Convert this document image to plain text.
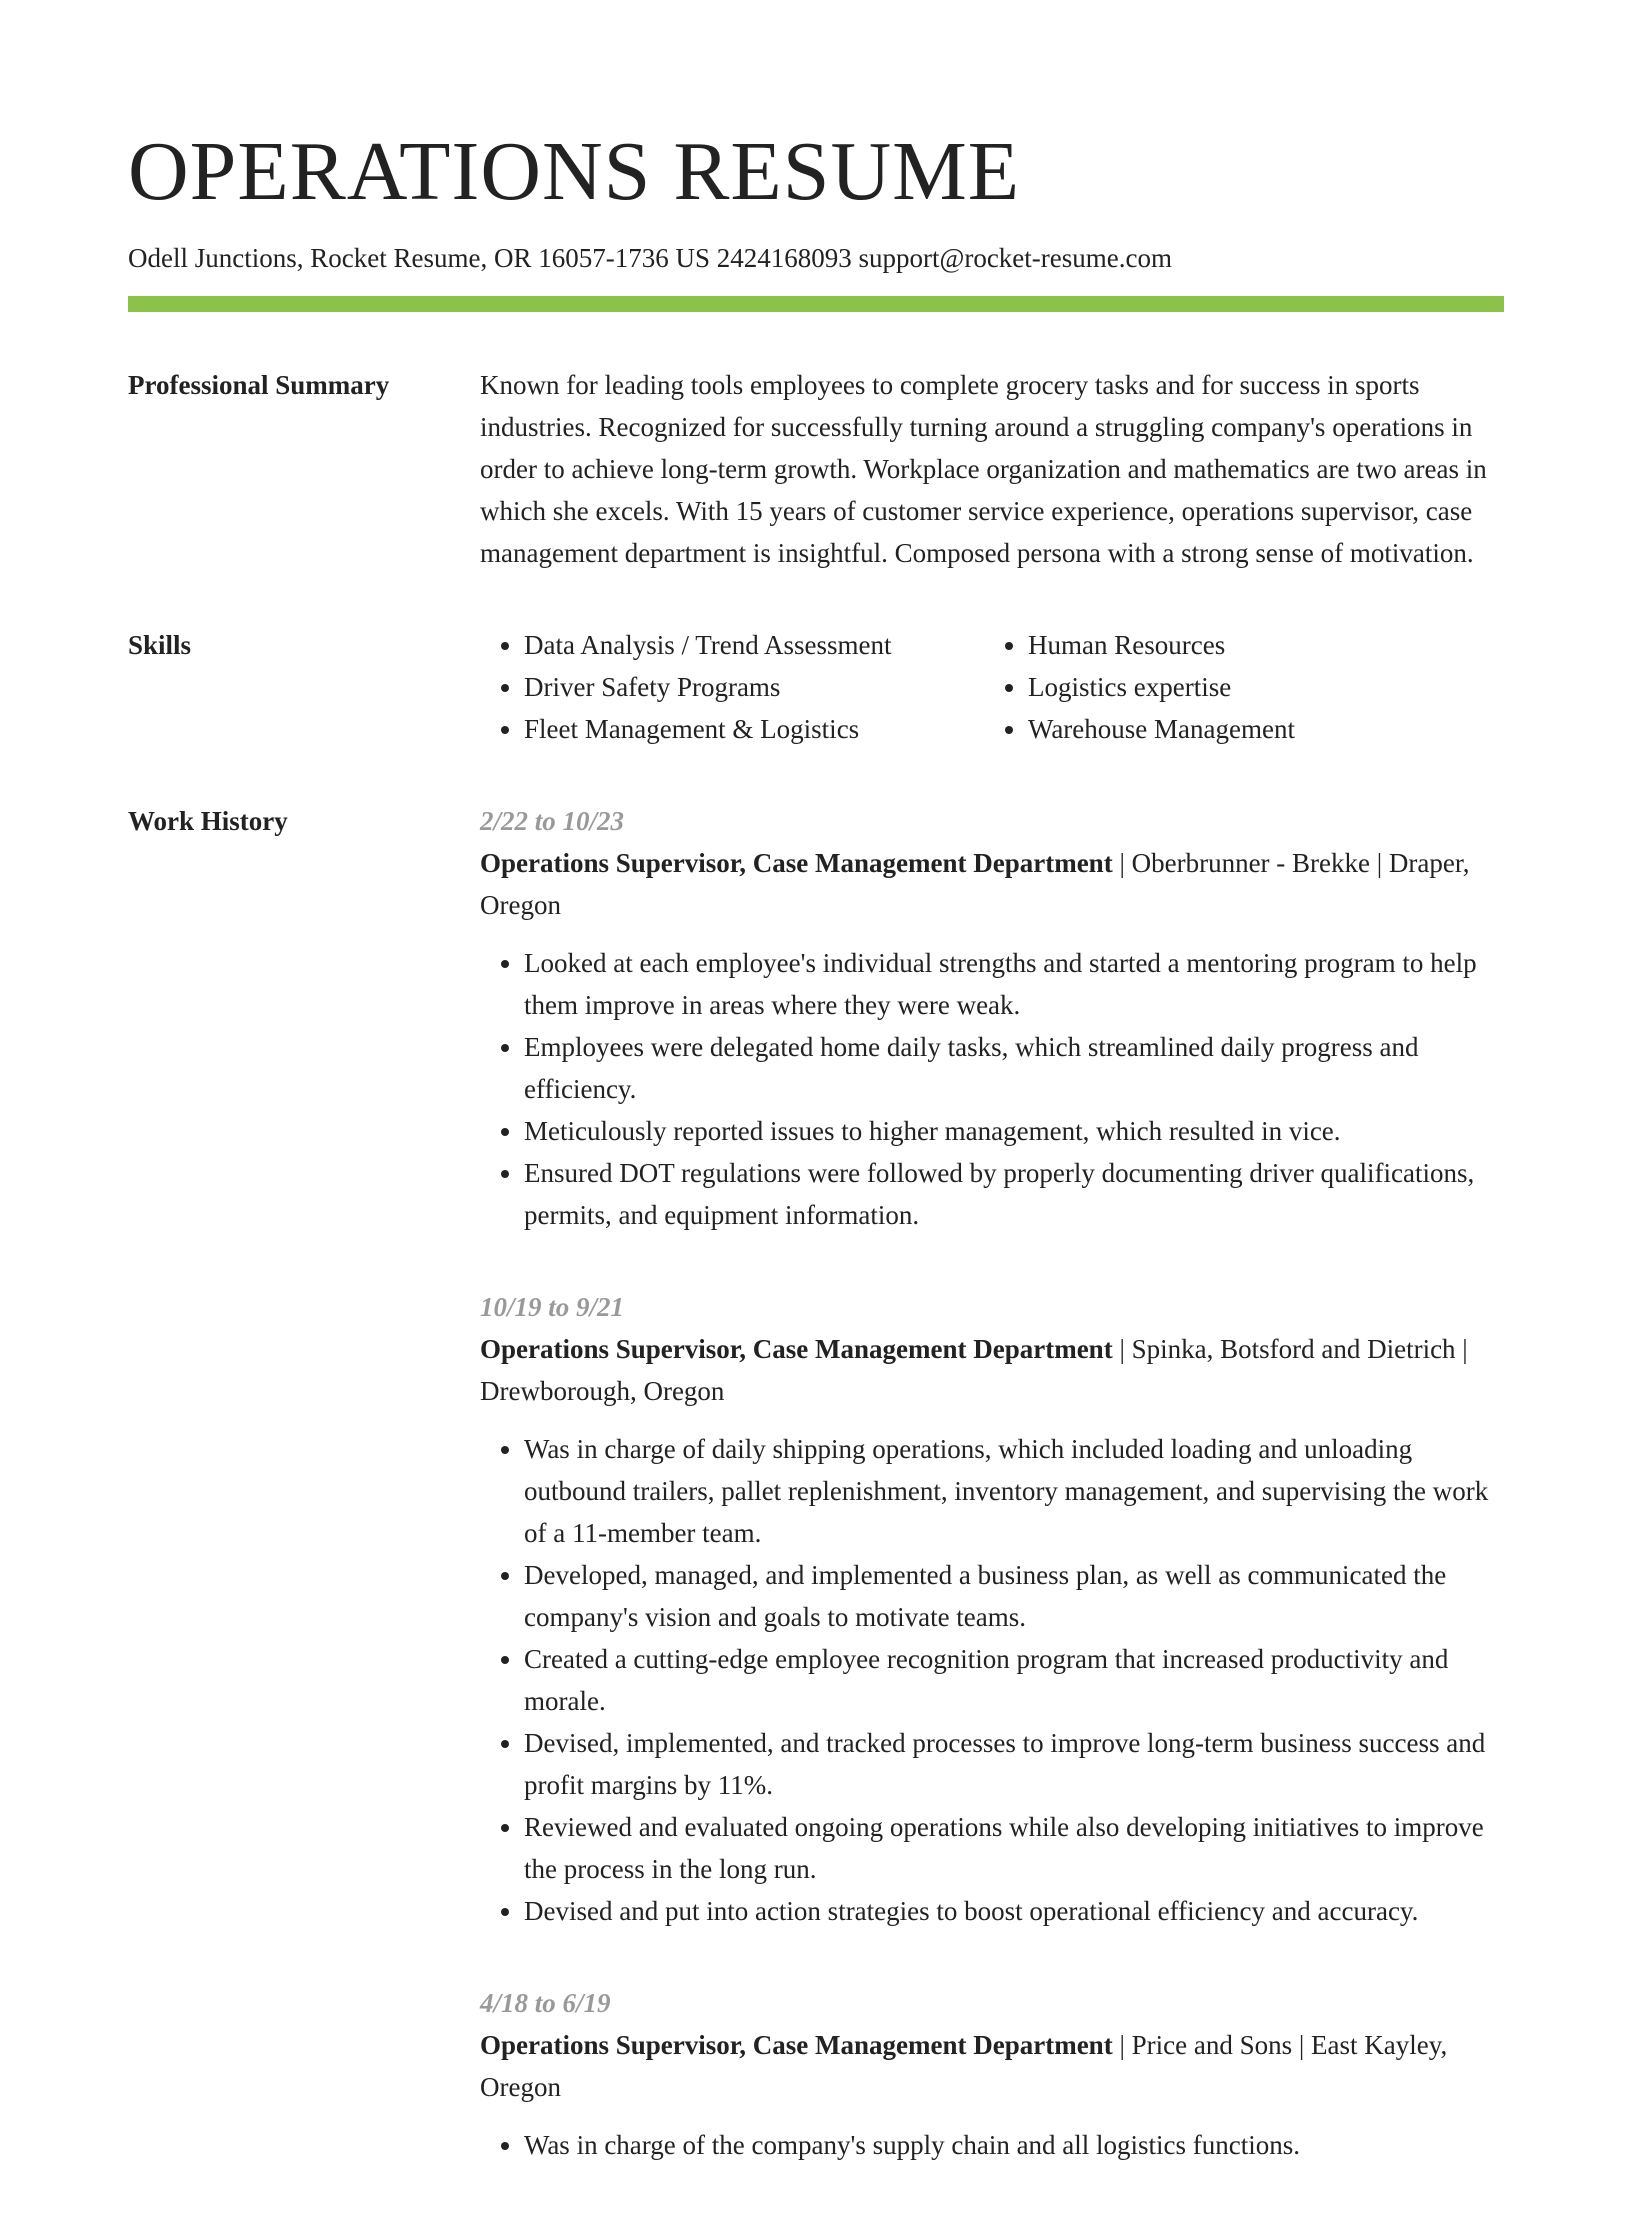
OPERATIONS RESUME
Odell Junctions, Rocket Resume, OR 16057-1736 US 2424168093 support@rocket-resume.com
Professional Summary	Known for leading tools employees to complete grocery tasks and for success in sports industries. Recognized for successfully turning around a struggling company's operations in order to achieve long-term growth. Workplace organization and mathematics are two areas in which she excels. With 15 years of customer service experience, operations supervisor, case management department is insightful. Composed persona with a strong sense of motivation.

Skills
•	Data Analysis / Trend Assessment
• Driver Safety Programs
• Fleet Management & Logistics
• Human Resources
• Logistics expertise
• Warehouse Management
Work History	2/22 to 10/23
Operations Supervisor, Case Management Department | Oberbrunner - Brekke | Draper, Oregon
• Looked at each employee's individual strengths and started a mentoring program to help them improve in areas where they were weak.
• Employees were delegated home daily tasks, which streamlined daily progress and efficiency.
• Meticulously reported issues to higher management, which resulted in vice.
• Ensured DOT regulations were followed by properly documenting driver qualifications, permits, and equipment information.
10/19 to 9/21
Operations Supervisor, Case Management Department | Spinka, Botsford and Dietrich | Drewborough, Oregon
• Was in charge of daily shipping operations, which included loading and unloading outbound trailers, pallet replenishment, inventory management, and supervising the work of a 11-member team.
• Developed, managed, and implemented a business plan, as well as communicated the company's vision and goals to motivate teams.
• Created a cutting-edge employee recognition program that increased productivity and morale.
• Devised, implemented, and tracked processes to improve long-term business success and profit margins by 11%.
• Reviewed and evaluated ongoing operations while also developing initiatives to improve the process in the long run.
• Devised and put into action strategies to boost operational efficiency and accuracy.
4/18 to 6/19
Operations Supervisor, Case Management Department | Price and Sons | East Kayley, Oregon
• Was in charge of the company's supply chain and all logistics functions.
